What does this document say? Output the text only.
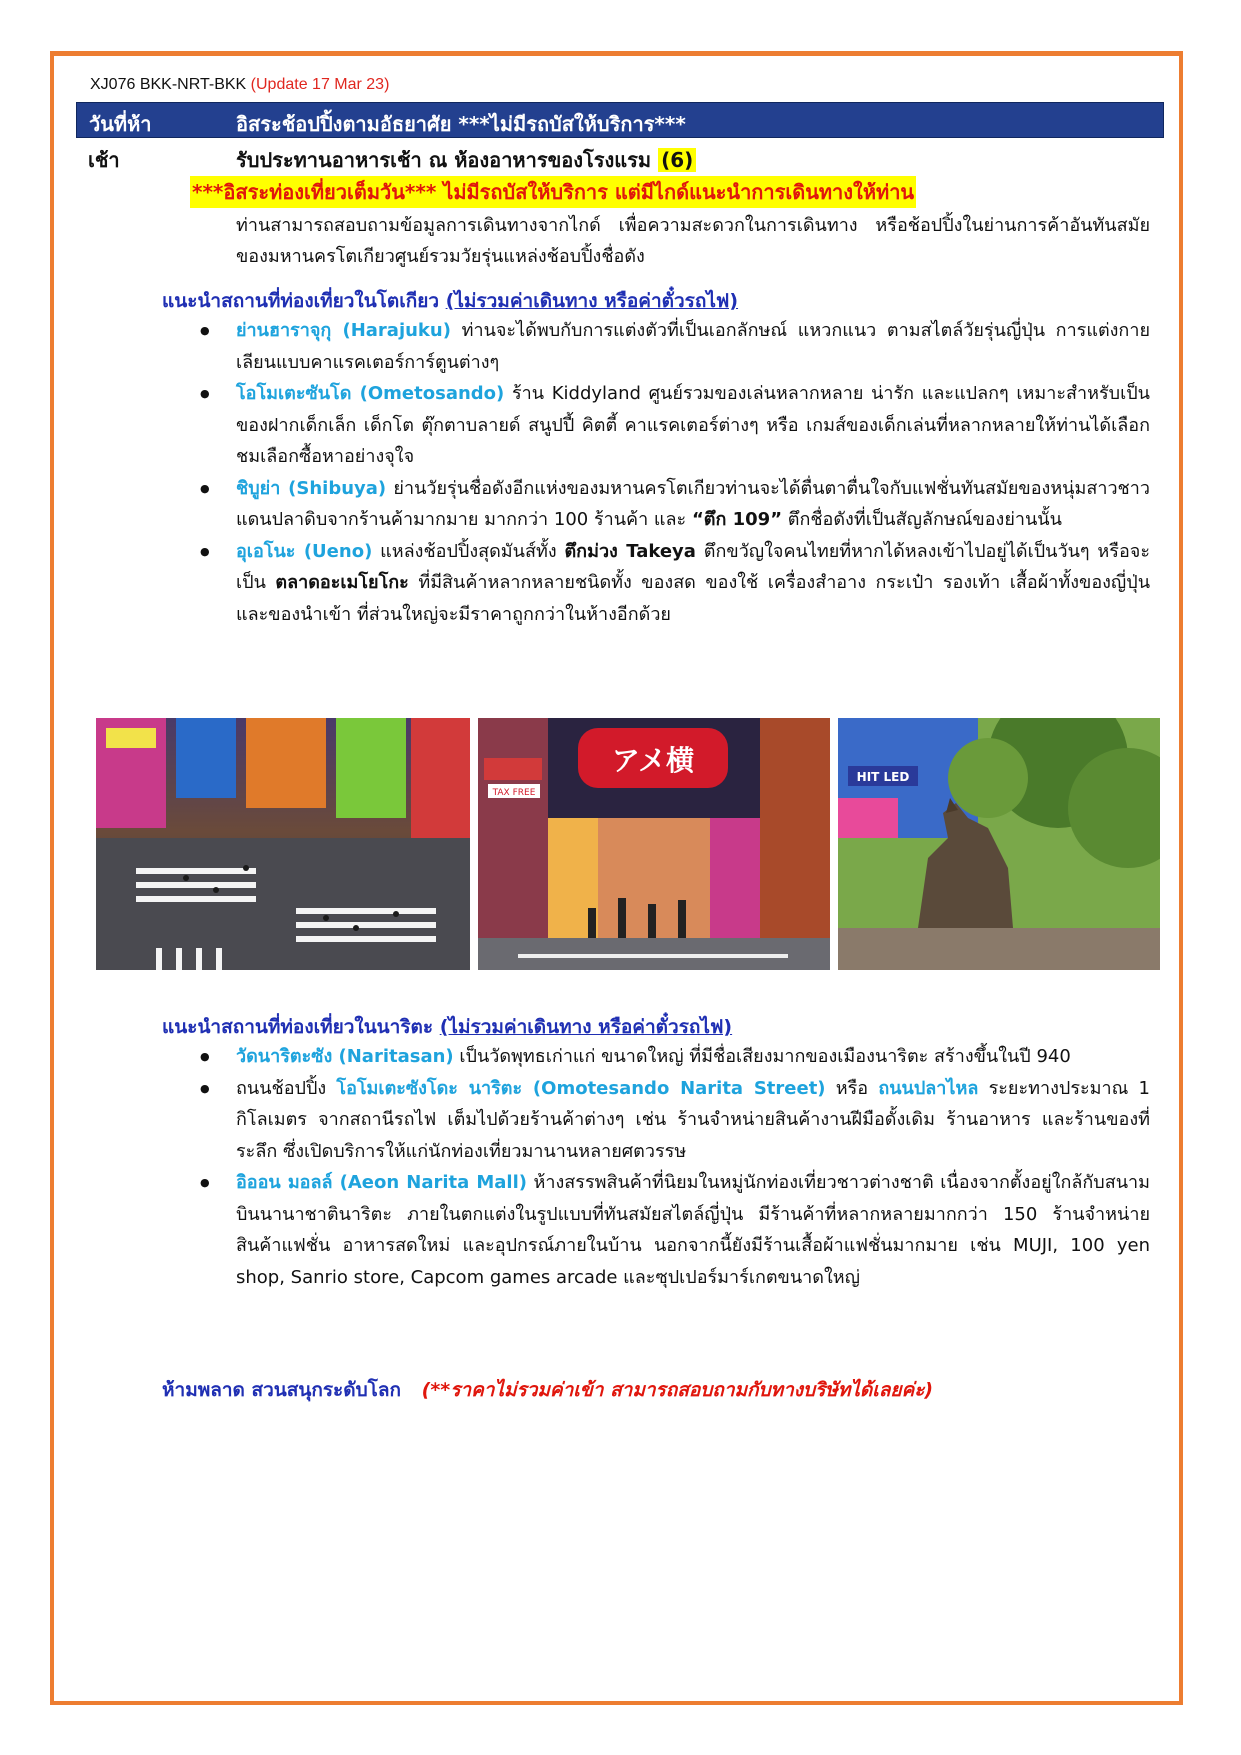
XJ076 BKK-NRT-BKK (Update 17 Mar 23)
วันที่ห้า	อิสระช้อปปิ้งตามอัธยาศัย ***ไม่มีรถบัสให้บริการ***
เช้า	รับประทานอาหารเช้า ณ ห้องอาหารของโรงแรม (6)
***อิสระท่องเที่ยวเต็มวัน*** ไม่มีรถบัสให้บริการ แต่มีไกด์แนะนำการเดินทางให้ท่าน

ท่านสามารถสอบถามข้อมูลการเดินทางจากไกด์ เพื่อความสะดวกในการเดินทาง หรือช้อปปิ้งในย่านการค้าอันทันสมัยของมหานครโตเกียวศูนย์รวมวัยรุ่นแหล่งช้อบปิ้งชื่อดัง

แนะนำสถานที่ท่องเที่ยวในโตเกียว (ไม่รวมค่าเดินทาง หรือค่าตั๋วรถไฟ)
● ย่านฮาราจุกุ (Harajuku) ท่านจะได้พบกับการแต่งตัวที่เป็นเอกลักษณ์ แหวกแนว ตามสไตล์วัยรุ่นญี่ปุ่น การแต่งกายเลียนแบบคาแรคเตอร์การ์ตูนต่างๆ
● โอโมเตะซันโด (Ometosando) ร้าน Kiddyland ศูนย์รวมของเล่นหลากหลาย น่ารัก และแปลกๆ เหมาะสำหรับเป็นของฝากเด็กเล็ก เด็กโต ตุ๊กตาบลายด์ สนูปปี้ คิตตี้ คาแรคเตอร์ต่างๆ หรือ เกมส์ของเด็กเล่นที่หลากหลายให้ท่านได้เลือกชมเลือกซื้อหาอย่างจุใจ
● ชิบูย่า (Shibuya) ย่านวัยรุ่นชื่อดังอีกแห่งของมหานครโตเกียวท่านจะได้ตื่นตาตื่นใจกับแฟชั่นทันสมัยของหนุ่มสาวชาวแดนปลาดิบจากร้านค้ามากมาย มากกว่า 100 ร้านค้า และ “ตึก 109” ตึกชื่อดังที่เป็นสัญลักษณ์ของย่านนั้น
● อุเอโนะ (Ueno) แหล่งช้อปปิ้งสุดมันส์ทั้ง ตึกม่วง Takeya ตึกขวัญใจคนไทยที่หากได้หลงเข้าไปอยู่ได้เป็นวันๆ หรือจะเป็น ตลาดอะเมโยโกะ ที่มีสินค้าหลากหลายชนิดทั้ง ของสด ของใช้ เครื่องสำอาง กระเป๋า รองเท้า เสื้อผ้าทั้งของญี่ปุ่นและของนำเข้า ที่ส่วนใหญ่จะมีราคาถูกกว่าในห้างอีกด้วย
アメ横
TAX FREE
HIT LED
แนะนำสถานที่ท่องเที่ยวในนาริตะ (ไม่รวมค่าเดินทาง หรือค่าตั๋วรถไฟ)
● วัดนาริตะซัง (Naritasan) เป็นวัดพุทธเก่าแก่ ขนาดใหญ่ ที่มีชื่อเสียงมากของเมืองนาริตะ สร้างขึ้นในปี 940
● ถนนช้อปปิ้ง โอโมเตะซังโดะ นาริตะ (Omotesando Narita Street) หรือ ถนนปลาไหล ระยะทางประมาณ 1 กิโลเมตร จากสถานีรถไฟ เต็มไปด้วยร้านค้าต่างๆ เช่น ร้านจำหน่ายสินค้างานฝีมือดั้งเดิม ร้านอาหาร และร้านของที่ระลึก ซึ่งเปิดบริการให้แก่นักท่องเที่ยวมานานหลายศตวรรษ
● อิออน มอลล์ (Aeon Narita Mall) ห้างสรรพสินค้าที่นิยมในหมู่นักท่องเที่ยวชาวต่างชาติ เนื่องจากตั้งอยู่ใกล้กับสนามบินนานาชาตินาริตะ ภายในตกแต่งในรูปแบบที่ทันสมัยสไตล์ญี่ปุ่น มีร้านค้าที่หลากหลายมากกว่า 150 ร้านจำหน่ายสินค้าแฟชั่น อาหารสดใหม่ และอุปกรณ์ภายในบ้าน นอกจากนี้ยังมีร้านเสื้อผ้าแฟชั่นมากมาย เช่น MUJI, 100 yen shop, Sanrio store, Capcom games arcade และซุปเปอร์มาร์เกตขนาดใหญ่
ห้ามพลาด สวนสนุกระดับโลก (**ราคาไม่รวมค่าเข้า สามารถสอบถามกับทางบริษัทได้เลยค่ะ)
